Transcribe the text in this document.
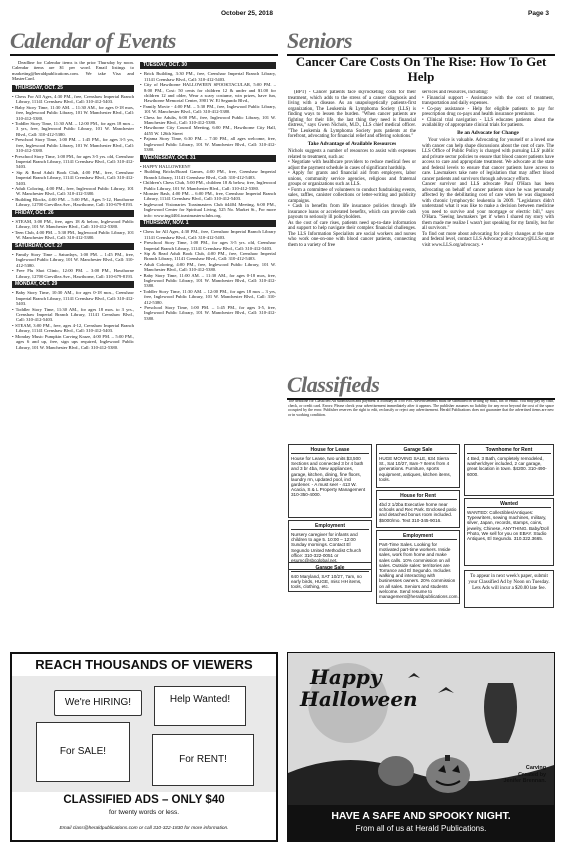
October 25, 2018	Page 3
Calendar of Events

Deadline for Calendar items is the prior Thursday by noon. Calendar items are $1 per word. Email listings to marketing@heraldpublications.com. We take Visa and MasterCard.

THURSDAY, OCT. 25

• Chess For All Ages, 4:30 PM., free, Crenshaw Imperial Branch Library, 11141 Crenshaw Blvd., Call: 310-412-5403.

• Baby Story Time, 11:30 AM. – 11:30 AM., for ages 0-18 mos, free, Inglewood Public Library, 101 W. Manchester Blvd., Call: 310-412-5380.

• Toddler Story Time, 11:30 AM. – 12:00 PM., for ages 18 mos – 3 yrs, free, Inglewood Public Library, 101 W. Manchester Blvd., Call: 310-412-5380.

• Preschool Story Time, 1:00 PM. – 1:45 PM., for ages 3-5 yrs, free, Inglewood Public Library, 101 W. Manchester Blvd., Call: 310-412-5380.

• Preschool Story Time, 1:00 PM., for ages 3-5 yrs. old, Crenshaw Imperial Branch Library, 11141 Crenshaw Blvd., Call: 310-412-5403.

• Sip & Read Adult Book Club, 4:00 PM., free, Crenshaw Imperial Branch Library, 11141 Crenshaw Blvd., Call: 310-412-5403.

• Adult Coloring, 4:00 PM., free, Inglewood Public Library, 101 W. Manchester Blvd., Call: 310-412-5380.

• Building Blocks, 4:00 PM. – 5:00 PM., Ages 5-12, Hawthorne Library, 12700 Grevillea Ave., Hawthorne, Call: 310-679-8193.

FRIDAY, OCT. 26

• STEAM, 3:00 PM., free, ages 18 & below, Inglewood Public Library, 101 W. Manchester Blvd., Call: 310-412-5380.

• Teen Club, 4:00 PM. – 5:30 PM., Inglewood Public Library, 101 W. Manchester Blvd., Call: 310-412-5380.

SATURDAY, OCT. 27

• Family Story Time – Saturdays, 1:00 PM. – 1:45 PM., free, Inglewood Public Library, 101 W. Manchester Blvd., Call: 310-412-5380.

• Free Flu Shot Clinic, 12:00 PM. – 3:00 PM., Hawthorne Library, 12700 Grevillea Ave., Hawthorne, Call: 310-679-8193.

MONDAY, OCT. 29

• Baby Story Time, 10:30 AM., for ages 0-18 mos., Crenshaw Imperial Branch Library, 11141 Crenshaw Blvd., Call: 310-412-5403.

• Toddler Story Time, 11:30 AM., for ages 18 mos. to 3 yrs., Crenshaw Imperial Branch Library, 11141 Crenshaw Blvd., Call: 310-412-5403.

• STEAM, 3:00 PM., free, ages 4-12, Crenshaw Imperial Branch Library, 11141 Crenshaw Blvd., Call: 310-412-5403.

• Monday Music Pumpkin Carving Kraze, 4:00 PM. – 5:00 PM., ages 6 and up, free, sign ups required, Inglewood Public Library, 101 W. Manchester Blvd., Call: 310-412-5380.

TUESDAY, OCT. 30

• Brick Building, 3:30 PM., free, Crenshaw Imperial Branch Library, 11141 Crenshaw Blvd., Call: 310-412-5403.

• City of Hawthorne HALLOWEEN SPOOKTACULAR, 5:00 PM. – 8:00 PM., Cost: 50 cents for children 12 & under and $1.00 for children 12 and older, Wear a scary costume, win prizes, have fun, Hawthorne Memorial Center, 3901 W. El Segundo Blvd.,

• Family Movie - 4:00 PM. – 5:30 PM., free, Inglewood Public Library, 101 W. Manchester Blvd., Call: 310-412-5380.

• Chess for Adults, 6:00 PM., free, Inglewood Public Library, 101 W. Manchester Blvd., Call: 310-412-5380.

• Hawthorne City Council Meeting, 6:00 PM., Hawthorne City Hall, 4455 W. 126th Street

• Pajama Story Time, 6:30 PM. – 7:30 PM., all ages welcome, free, Inglewood Public Library, 101 W. Manchester Blvd., Call: 310-412-5380.

WEDNESDAY, OCT. 31

• HAPPY HALLOWEEN!!

• Building Bricks/Board Games, 4:00 PM., free, Crenshaw Imperial Branch Library, 11141 Crenshaw Blvd., Call: 310-412-5403.

• Children's Chess Club, 5:00 PM., children 18 & below, free, Inglewood Public Library, 101 W. Manchester Blvd., Call: 310-412-5380.

• Monster Bash, 4:00 PM. – 6:00 PM., free, Crenshaw Imperial Branch Library, 11141 Crenshaw Blvd., Call: 310-412-5403.

• Inglewood Visionaries Toastmasters Club #4404 Meeting, 6:00 PM., Inglewood Center for Spiritual Living, 525 No. Market St., For more info: www.ing4404.toastmastersclubs.org.

THURSDAY, NOV. 1

• Chess for All Ages, 4:30 PM., free, Crenshaw Imperial Branch Library 11141 Crenshaw Blvd., Call: 310-412-5403.

• Preschool Story Time, 1:00 PM., for ages 3-5 yrs. old, Crenshaw Imperial Branch Library, 11141 Crenshaw Blvd., Call: 310-412-5403.

• Sip & Read Adult Book Club, 4:00 PM., free, Crenshaw Imperial Branch Library, 11141 Crenshaw Blvd., Call: 310-412-5403.

• Adult Coloring, 4:00 PM., free, Inglewood Public Library, 101 W. Manchester Blvd., Call: 310-412-5380.

• Baby Story Time, 11:00 AM. – 11:30 AM., for ages 0-18 mos, free, Inglewood Public Library, 101 W. Manchester Blvd., Call: 310-412-5380.

• Toddler Story Time, 11:30 AM. – 12:00 PM., for ages 18 mos – 3 yrs, free, Inglewood Public Library, 101 W. Manchester Blvd., Call: 310-412-5380.

• Preschool Story Time, 1:00 PM. – 1:45 PM., for ages 3-5, free, Inglewood Public Library, 101 W. Manchester Blvd., Call: 310-412-5380.

REACH THOUSANDS OF VIEWERS
We're HIRING!	Help Wanted!
For SALE!
For RENT!
CLASSIFIED ADS – ONLY $40
for twenty words or less.
Email class@heraldpublications.com or call 310-322-1830 for more information.
Seniors
Cancer Care Costs On The Rise: How To Get Help
(BPT) - Cancer patients face skyrocketing costs for their treatment, which adds to the stress of a cancer diagnosis and living with a disease. As an unapologetically patients-first organization, The Leukemia & Lymphoma Society (LLS) is finding ways to lessen the burden. "When cancer patients are fighting for their life, the last thing they need is financial distress," says Gwen Nichols, M.D., LLS chief medical officer. "The Leukemia & Lymphoma Society puts patients at the forefront, advocating for financial relief and offering solutions."
Take Advantage of Available Resources
Nichols suggests a number of resources to assist with expenses related to treatment, such as:
• Negotiate with healthcare providers to reduce medical fees or adjust the payment schedule in cases of significant hardship.
• Apply for grants and financial aid from employers, labor unions, community service agencies, religious and fraternal groups or organizations such as LLS.
• Form a committee of volunteers to conduct fundraising events, sales, raffles, canister collections or letter-writing and publicity campaigns.
• Cash in benefits from life insurance policies through life insurance loans or accelerated benefits, which can provide cash payouts to seriously ill policyholders.
As the cost of care rises, patients need up-to-date information and support to help navigate their complex financial challenges. The LLS Information Specialists are social workers and nurses who work one-on-one with blood cancer patients, connecting them to a variety of free
services and resources, including:
• Financial support - Assistance with the cost of treatment, transportation and daily expenses.
• Co-pay assistance - Help for eligible patients to pay for prescription drug co-pays and health insurance premiums.
• Clinical trial navigation - LLS educates patients about the availability of appropriate clinical trials for patients.
Be an Advocate for Change
Your voice is valuable. Advocating for yourself or a loved one with cancer can help shape discussions about the cost of care. The LLS Office of Public Policy is charged with pursuing LLS' public and private sector policies to ensure that blood cancer patients have access to care and appropriate treatment. We advocate at the state and federal levels to ensure that cancer patients have access to care. Lawmakers take note of legislation that may affect blood cancer patients and survivors through advocacy efforts.
Cancer survivor and LLS advocate Paul O'Hara has been advocating on behalf of cancer patients since he was personally affected by the debilitating cost of care when he was diagnosed with chronic lymphocytic leukemia in 2009. "Legislators didn't understand what it was like to make a decision between medicine you need to survive and your mortgage or electric bill," says O'Hara. "Seeing lawmakers 'get it' when I shared my story with them made me realize I wasn't just speaking for my family, but for all survivors."
To find out more about advocating for policy changes at the state and federal level, contact LLS Advocacy at advocacy@LLS.org or visit www.LLS.org/advocacy. •
Classifieds
The deadline for Classified Ad submission and payment is Monday at 5:00 PM. Advertisements must be submitted in writing by mail, fax or email. You may pay by cash, check, or credit card. Errors: Please check your advertisement immediately after it appears. The publisher assumes no liability for any error beyond the cost of the space occupied by the error. Publisher reserves the right to edit, reclassify or reject any advertisement. Herald Publications does not guarantee that the advertised items are new or in working condition.
House for Lease
House for Lease, two units $3,500 Sections and connected 3 br 4 bath and 3 br 4ba, New appliances, garage, kitchen, dining, fine floors, laundry rm, updated pool, incl gardener. - A must see! - 413 W. Acacia, S & L Property Management 310-350-4000.
Employment
Nursery caregiver for infants and children to age 5. 10:00 – 12:00 Sunday mornings. Contact El Segundo United Methodist Church office: 310-322-0051 or esumc@sbcglobal.net.
Garage Sale
HUGE MOVING SALE, 634 Sierra St., Sat 10/27, 8am-? Items from 4 generations. Furniture, sports equipment, antiques, kitchen items, tools.
House for Rent
4bd 2 1/2ba Executive home near schools and Rec Park. Enclosed patio and detached bonus room included. $5000/mo. Text 310-345-9016.
Employment
Part-Time Sales. Looking for motivated part-time workers. Inside sales, work from home and make sales calls. 10% commission on all sales. Outside sales: territories are Torrance and El Segundo. Includes walking and interacting with businesses owners. 20% commission on all sales. Seniors and students welcome. Send resume to management@heraldpublications.com.
Garage Sale
640 Maryland, SAT 10/27, 7am, no early birds, HUGE, misc HH items, tools, clothing, etc.
Townhome for Rent
4 Bed, 3 Bath, completely remodeled, washer/dryer included, 2 car garage, great location in town. $4200. 310-490-6000.
Wanted
WANTED: Collectibles/Antiques: Typewriters, sewing machines, military, silver, Japan, records, stamps, coins, jewelry, Chinese, ANYTHING. Baby/Doll Photo, We sell for you on EBAY. Studio Antiques, El Segundo. 310.322.3665.
To appear in next week's paper, submit your Classified Ad by Noon on Tuesday. Lets Ads will incur a $20.00 late fee.
Happy
Halloween
Carving
Created by
Jenifer Brennan.
HAVE A SAFE AND SPOOKY NIGHT.
From all of us at Herald Publications.
